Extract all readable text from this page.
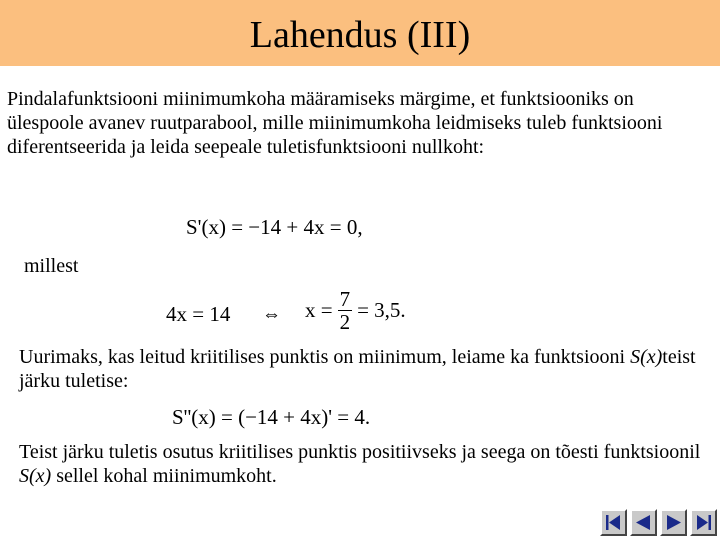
Lahendus (III)

Pindalafunktsiooni miinimumkoha määramiseks märgime, et funktsiooniks on ülespoole avanev ruutparabool, mille miinimumkoha leidmiseks tuleb funktsiooni diferentseerida ja leida seepeale tuletisfunktsiooni nullkoht:

S'(x) = −14 + 4x = 0,
millest
4x = 14 ⇔ $x = \frac{7}{2} = 3,5$.

Uurimaks, kas leitud kriitilises punktis on miinimum, leiame ka funktsiooni S(x)teist järku tuletise:

S''(x) = (−14 + 4x)' = 4.

Teist järku tuletis osutus kriitilises punktis positiivseks ja seega on tõesti funktsioonil S(x) sellel kohal miinimumkoht.
